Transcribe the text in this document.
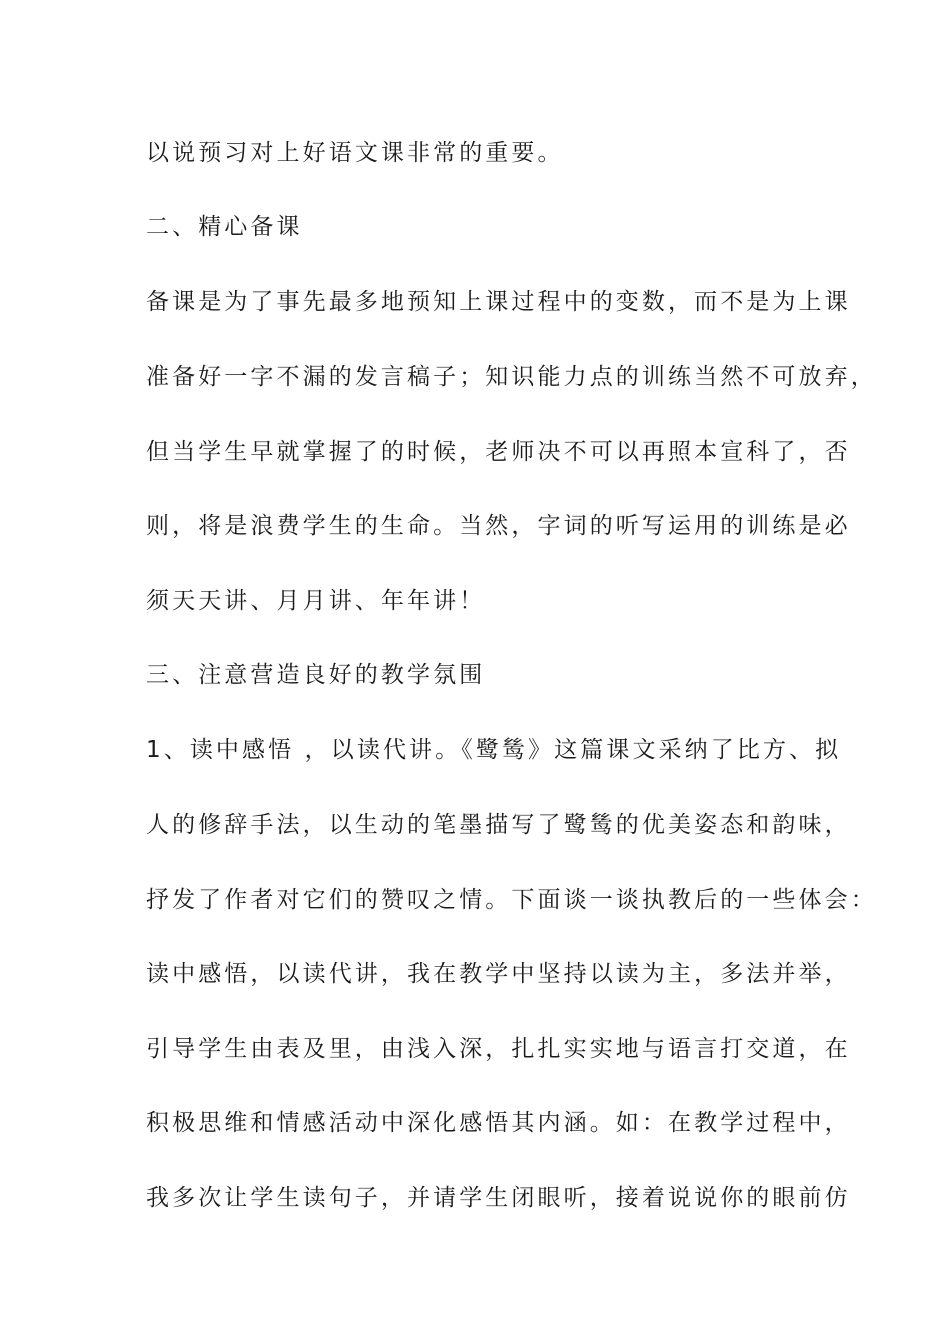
以说预习对上好语文课非常的重要。
二、精心备课
备课是为了事先最多地预知上课过程中的变数，而不是为上课
准备好一字不漏的发言稿子；知识能力点的训练当然不可放弃，
但当学生早就掌握了的时候，老师决不可以再照本宣科了，否
则，将是浪费学生的生命。当然，字词的听写运用的训练是必
须天天讲、月月讲、年年讲！
三、注意营造良好的教学氛围
1、读中感悟 ，以读代讲。《鹭鸶》这篇课文采纳了比方、拟
人的修辞手法，以生动的笔墨描写了鹭鸶的优美姿态和韵味，
抒发了作者对它们的赞叹之情。下面谈一谈执教后的一些体会：
读中感悟，以读代讲，我在教学中坚持以读为主，多法并举，
引导学生由表及里，由浅入深，扎扎实实地与语言打交道，在
积极思维和情感活动中深化感悟其内涵。如：在教学过程中，
我多次让学生读句子，并请学生闭眼听，接着说说你的眼前仿
